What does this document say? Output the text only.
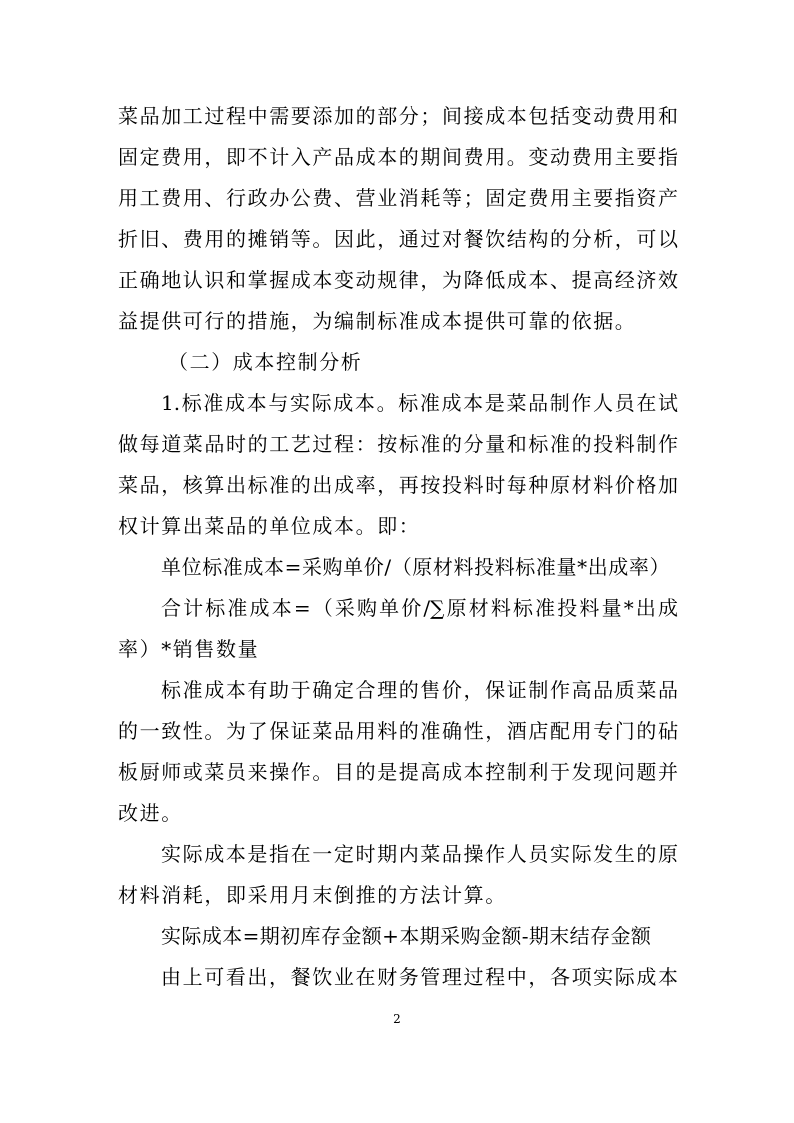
菜品加工过程中需要添加的部分；间接成本包括变动费用和
固定费用，即不计入产品成本的期间费用。变动费用主要指
用工费用、行政办公费、营业消耗等；固定费用主要指资产
折旧、费用的摊销等。因此，通过对餐饮结构的分析，可以
正确地认识和掌握成本变动规律，为降低成本、提高经济效
益提供可行的措施，为编制标准成本提供可靠的依据。
（二）成本控制分析
1.标准成本与实际成本。标准成本是菜品制作人员在试
做每道菜品时的工艺过程：按标准的分量和标准的投料制作
菜品，核算出标准的出成率，再按投料时每种原材料价格加
权计算出菜品的单位成本。即：
单位标准成本=采购单价/（原材料投料标准量*出成率）
合计标准成本=（采购单价/∑原材料标准投料量*出成
率）*销售数量
标准成本有助于确定合理的售价，保证制作高品质菜品
的一致性。为了保证菜品用料的准确性，酒店配用专门的砧
板厨师或菜员来操作。目的是提高成本控制利于发现问题并
改进。
实际成本是指在一定时期内菜品操作人员实际发生的原
材料消耗，即采用月末倒推的方法计算。
实际成本=期初库存金额+本期采购金额-期末结存金额
由上可看出，餐饮业在财务管理过程中，各项实际成本
2
